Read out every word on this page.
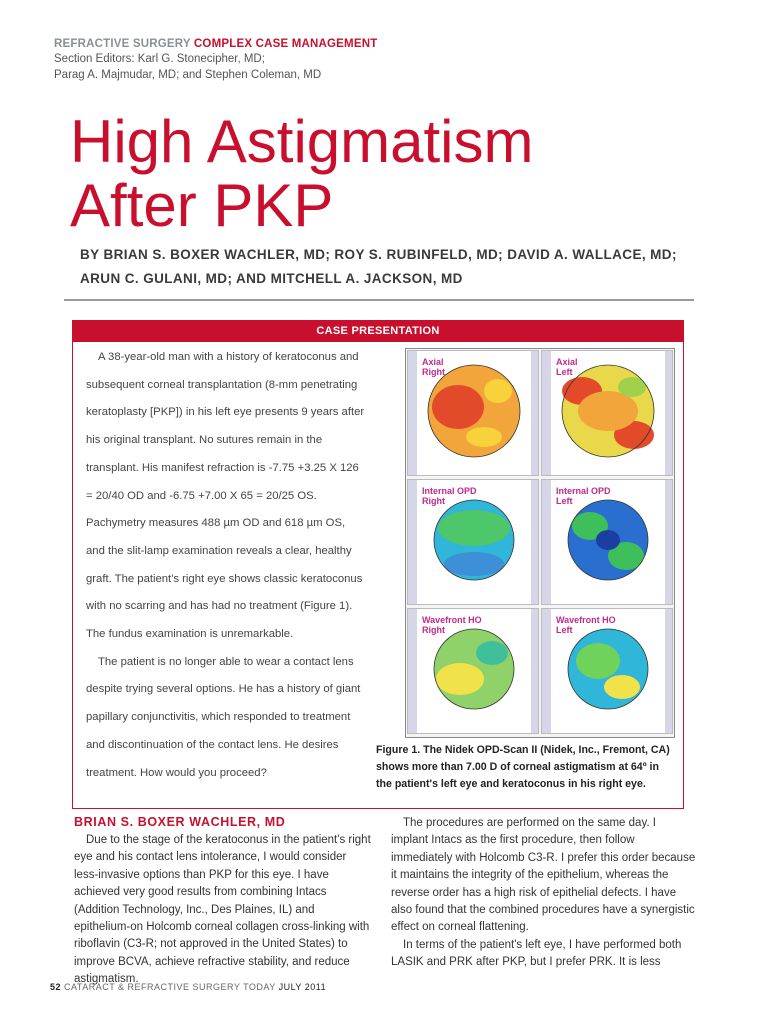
REFRACTIVE SURGERY COMPLEX CASE MANAGEMENT
Section Editors: Karl G. Stonecipher, MD;
Parag A. Majmudar, MD; and Stephen Coleman, MD
High Astigmatism
After PKP
BY BRIAN S. BOXER WACHLER, MD; ROY S. RUBINFELD, MD; DAVID A. WALLACE, MD;
ARUN C. GULANI, MD; AND MITCHELL A. JACKSON, MD
CASE PRESENTATION

A 38-year-old man with a history of keratoconus and subsequent corneal transplantation (8-mm penetrating keratoplasty [PKP]) in his left eye presents 9 years after his original transplant. No sutures remain in the transplant. His manifest refraction is -7.75 +3.25 X 126 = 20/40 OD and -6.75 +7.00 X 65 = 20/25 OS. Pachymetry measures 488 µm OD and 618 µm OS, and the slit-lamp examination reveals a clear, healthy graft. The patient's right eye shows classic keratoconus with no scarring and has had no treatment (Figure 1). The fundus examination is unremarkable.

The patient is no longer able to wear a contact lens despite trying several options. He has a history of giant papillary conjunctivitis, which responded to treatment and discontinuation of the contact lens. He desires treatment. How would you proceed?

Axial
Right
Axial
Left
Internal OPD
Right
Internal OPD
Left
Wavefront HO
Right
Wavefront HO
Left
Figure 1. The Nidek OPD-Scan II (Nidek, Inc., Fremont, CA) shows more than 7.00 D of corneal astigmatism at 64º in the patient's left eye and keratoconus in his right eye.
BRIAN S. BOXER WACHLER, MD

Due to the stage of the keratoconus in the patient's right eye and his contact lens intolerance, I would consider less-invasive options than PKP for this eye. I have achieved very good results from combining Intacs (Addition Technology, Inc., Des Plaines, IL) and epithelium-on Holcomb corneal collagen cross-linking with riboflavin (C3-R; not approved in the United States) to improve BCVA, achieve refractive stability, and reduce astigmatism.

The procedures are performed on the same day. I implant Intacs as the first procedure, then follow immediately with Holcomb C3-R. I prefer this order because it maintains the integrity of the epithelium, whereas the reverse order has a high risk of epithelial defects. I have also found that the combined procedures have a synergistic effect on corneal flattening.

In terms of the patient's left eye, I have performed both LASIK and PRK after PKP, but I prefer PRK. It is less

52 CATARACT & REFRACTIVE SURGERY TODAY JULY 2011
